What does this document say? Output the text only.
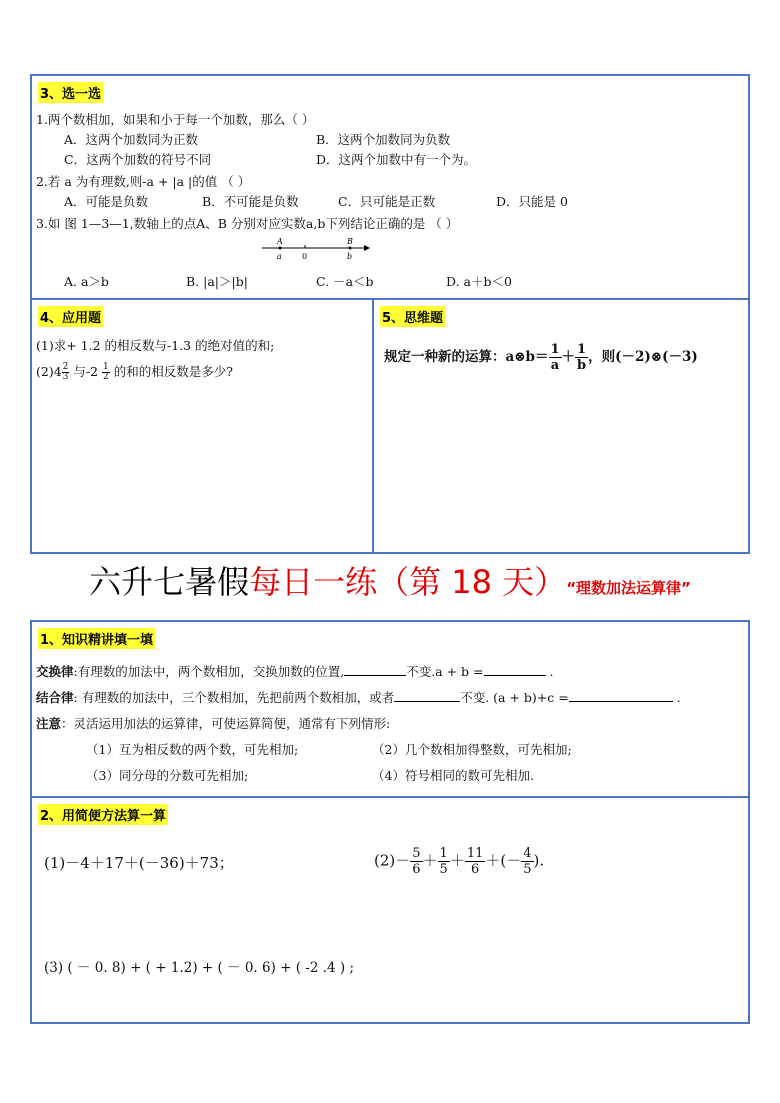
3、选一选
1.两个数相加，如果和小于每一个加数，那么（ ）
A．这两个加数同为正数	B．这两个加数同为负数
C．这两个加数的符号不同	D．这两个加数中有一个为。
2.若 a 为有理数,则-a + |a |的值 （ ）
A．可能是负数	B．不可能是负数	C．只可能是正数	D．只能是 0
3.如 图 1—3—1,数轴上的点A、B 分别对应实数a,b下列结论正确的是 （ ）
A
a	0
B
b
A. a＞b	B. |a|＞|b|	C. －a＜b	D. a＋b＜0
4、应用题
(1)求+ 1.2 的相反数与-1.3 的绝对值的和;
$(2)4 \frac{2}{3}$ 与$-2 \frac{1}{2}$ 的和的相反数是多少?
5、思维题
规定一种新的运算：a⊗b＝ $\frac{1}{a} + \frac{1}{b}$ ，则(－2)⊗(－3)
六升七暑假每日一练（第 18 天）“理数加法运算律”
1、知识精讲填一填
交换律:有理数的加法中，两个数相加，交换加数的位置,	不变.a + b =	.
结合律: 有理数的加法中，三个数相加，先把前两个数相加，或者	不变. (a + b)+c =	.
注意：灵活运用加法的运算律，可使运算简便，通常有下列情形:
（1）互为相反数的两个数，可先相加;	（2）几个数相加得整数，可先相加;
（3）同分母的分数可先相加;	（4）符号相同的数可先相加.
2、用简便方法算一算
(1)－4＋17＋(－36)＋73；	$(2)- \frac{5}{6} + \frac{1}{5} + \frac{11}{6}$ ＋(－ $\frac{4}{5}$ ).
(3) ( － 0. 8) + ( + 1.2) + ( － 0. 6) + ( -2 .4 ) ;
